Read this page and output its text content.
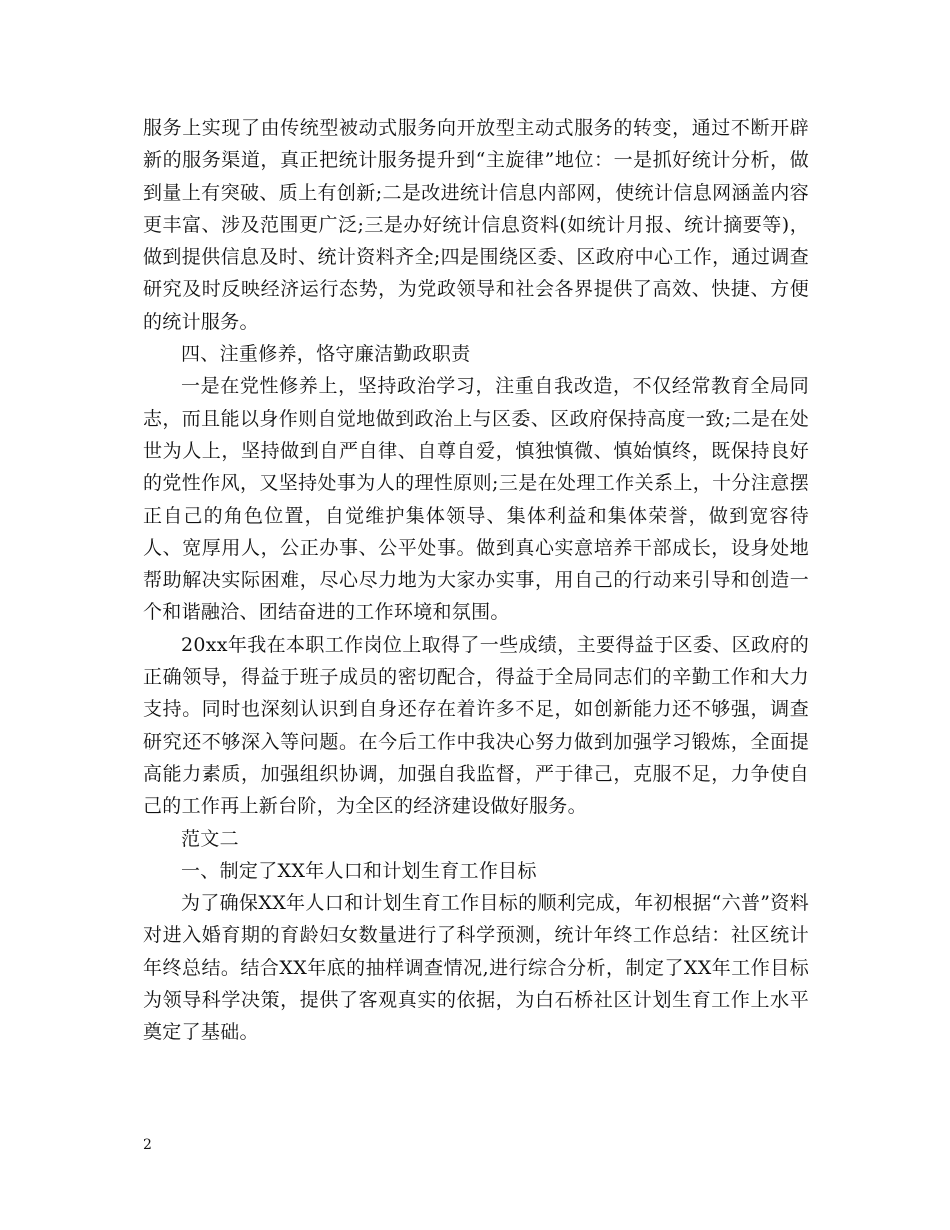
服务上实现了由传统型被动式服务向开放型主动式服务的转变，通过不断开辟新的服务渠道，真正把统计服务提升到“主旋律”地位：一是抓好统计分析，做到量上有突破、质上有创新;二是改进统计信息内部网，使统计信息网涵盖内容更丰富、涉及范围更广泛;三是办好统计信息资料(如统计月报、统计摘要等)，做到提供信息及时、统计资料齐全;四是围绕区委、区政府中心工作，通过调查研究及时反映经济运行态势，为党政领导和社会各界提供了高效、快捷、方便的统计服务。

四、注重修养，恪守廉洁勤政职责

一是在党性修养上，坚持政治学习，注重自我改造，不仅经常教育全局同志，而且能以身作则自觉地做到政治上与区委、区政府保持高度一致;二是在处世为人上，坚持做到自严自律、自尊自爱，慎独慎微、慎始慎终，既保持良好的党性作风，又坚持处事为人的理性原则;三是在处理工作关系上，十分注意摆正自己的角色位置，自觉维护集体领导、集体利益和集体荣誉，做到宽容待人、宽厚用人，公正办事、公平处事。做到真心实意培养干部成长，设身处地帮助解决实际困难，尽心尽力地为大家办实事，用自己的行动来引导和创造一个和谐融洽、团结奋进的工作环境和氛围。

20xx年我在本职工作岗位上取得了一些成绩，主要得益于区委、区政府的正确领导，得益于班子成员的密切配合，得益于全局同志们的辛勤工作和大力支持。同时也深刻认识到自身还存在着许多不足，如创新能力还不够强，调查研究还不够深入等问题。在今后工作中我决心努力做到加强学习锻炼，全面提高能力素质，加强组织协调，加强自我监督，严于律己，克服不足，力争使自己的工作再上新台阶，为全区的经济建设做好服务。

范文二

一、制定了XX年人口和计划生育工作目标

为了确保XX年人口和计划生育工作目标的顺利完成，年初根据“六普”资料对进入婚育期的育龄妇女数量进行了科学预测，统计年终工作总结：社区统计年终总结。结合XX年底的抽样调查情况,进行综合分析，制定了XX年工作目标为领导科学决策，提供了客观真实的依据，为白石桥社区计划生育工作上水平奠定了基础。

2
